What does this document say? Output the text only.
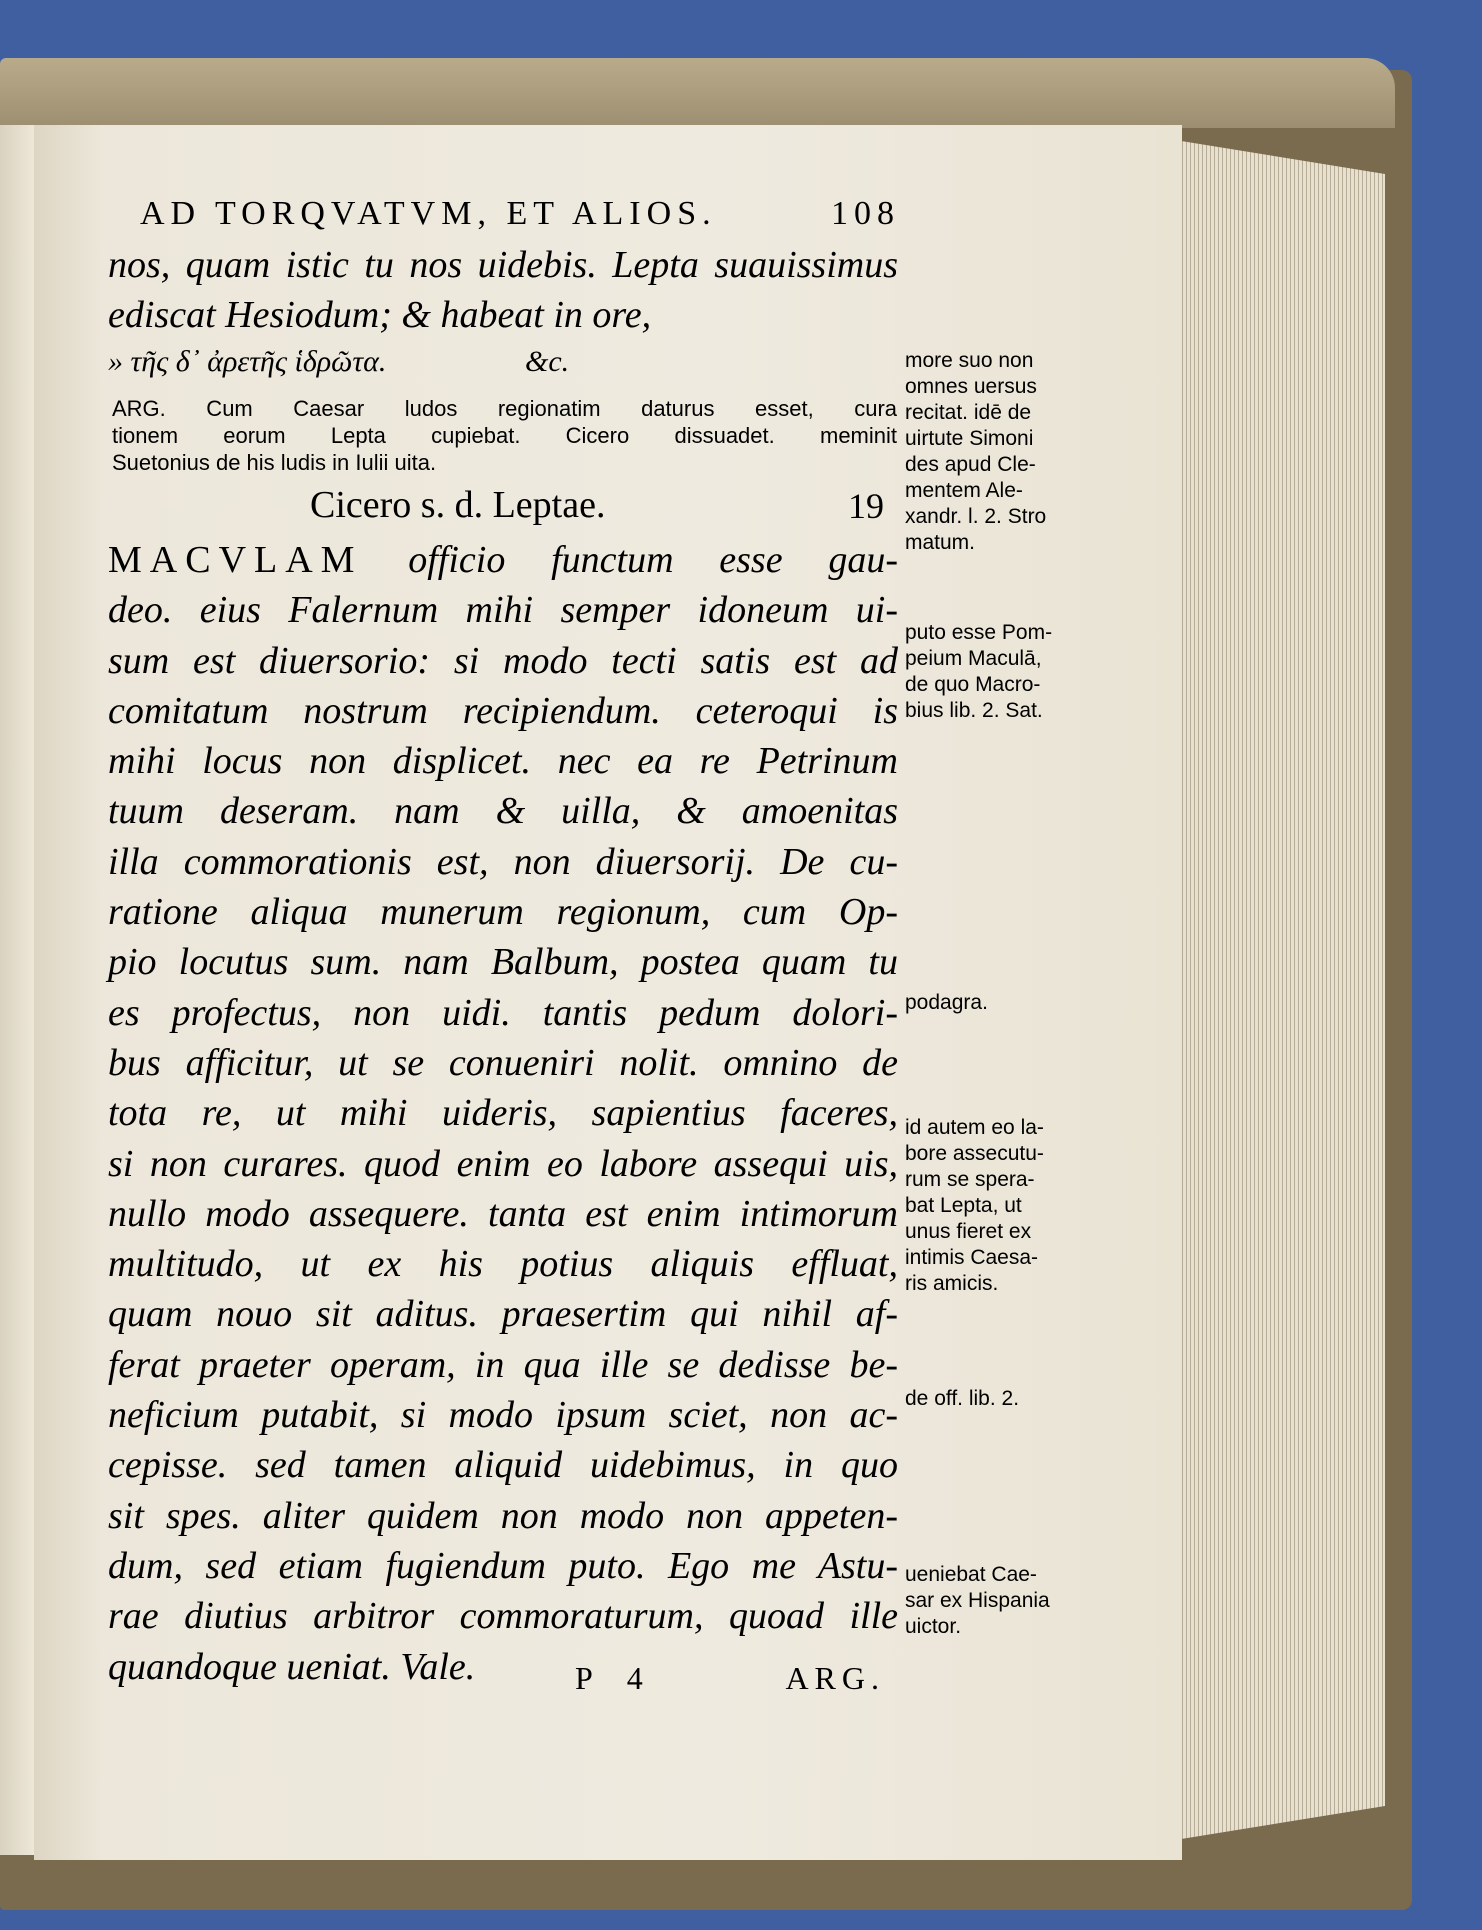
AD TORQVATVM, ET ALIOS.	108
nos, quam istic tu nos uidebis. Lepta suauissimus
edis​cat Hesiodum; & habeat in ore,
» τῆς δ᾽ ἀρετῆς ἱδρῶτα.	&c.
ARG. Cum Caesar ludos regionatim daturus esset, cura
tionem eorum Lepta cupiebat. Cicero dissuadet. meminit
Suetonius de his ludis in Iulii uita.
Cicero s. d. Leptae.	19
MACVLAM officio functum esse gau-
deo. eius Falernum mihi semper idoneum ui-
sum est diuersorio: si modo tecti satis est ad
comitatum nostrum recipiendum. ceteroqui is
mihi locus non displicet. nec ea re Petrinum
tuum deseram. nam & uilla, & amoenitas
illa commorationis est, non diuersorij. De cu-
ratione aliqua munerum regionum, cum Op-
pio locutus sum. nam Balbum, postea quam tu
es profectus, non uidi. tantis pedum dolori-
bus afficitur, ut se conueniri nolit. omnino de
tota re, ut mihi uideris, sapientius faceres,
si non curares. quod enim eo labore assequi uis,
nullo modo assequere. tanta est enim intimorum
multitudo, ut ex his potius aliquis effluat,
quam nouo sit aditus. praesertim qui nihil af-
ferat praeter operam, in qua ille se dedisse be-
neficium putabit, si modo ipsum sciet, non ac-
cepisse. sed tamen aliquid uidebimus, in quo
sit spes. aliter quidem non modo non appeten-
dum, sed etiam fugiendum puto. Ego me Astu-
rae diutius arbitror commoraturum, quoad ille
quandoque ueniat. Vale.
more suo non
omnes uersus
recitat. idē de
uirtute Simoni
des apud Cle-
mentem Ale-
xandr. l. 2. Stro
matum.
puto esse Pom-
peium Maculā,
de quo Macro-
bius lib. 2. Sat.
podagra.
id autem eo la-
bore assecutu-
rum se spera-
bat Lepta, ut
unus fieret ex
intimis Caesa-
ris amicis.
de off. lib. 2.
ueniebat Cae-
sar ex Hispania
uictor.
P 4	ARG.
